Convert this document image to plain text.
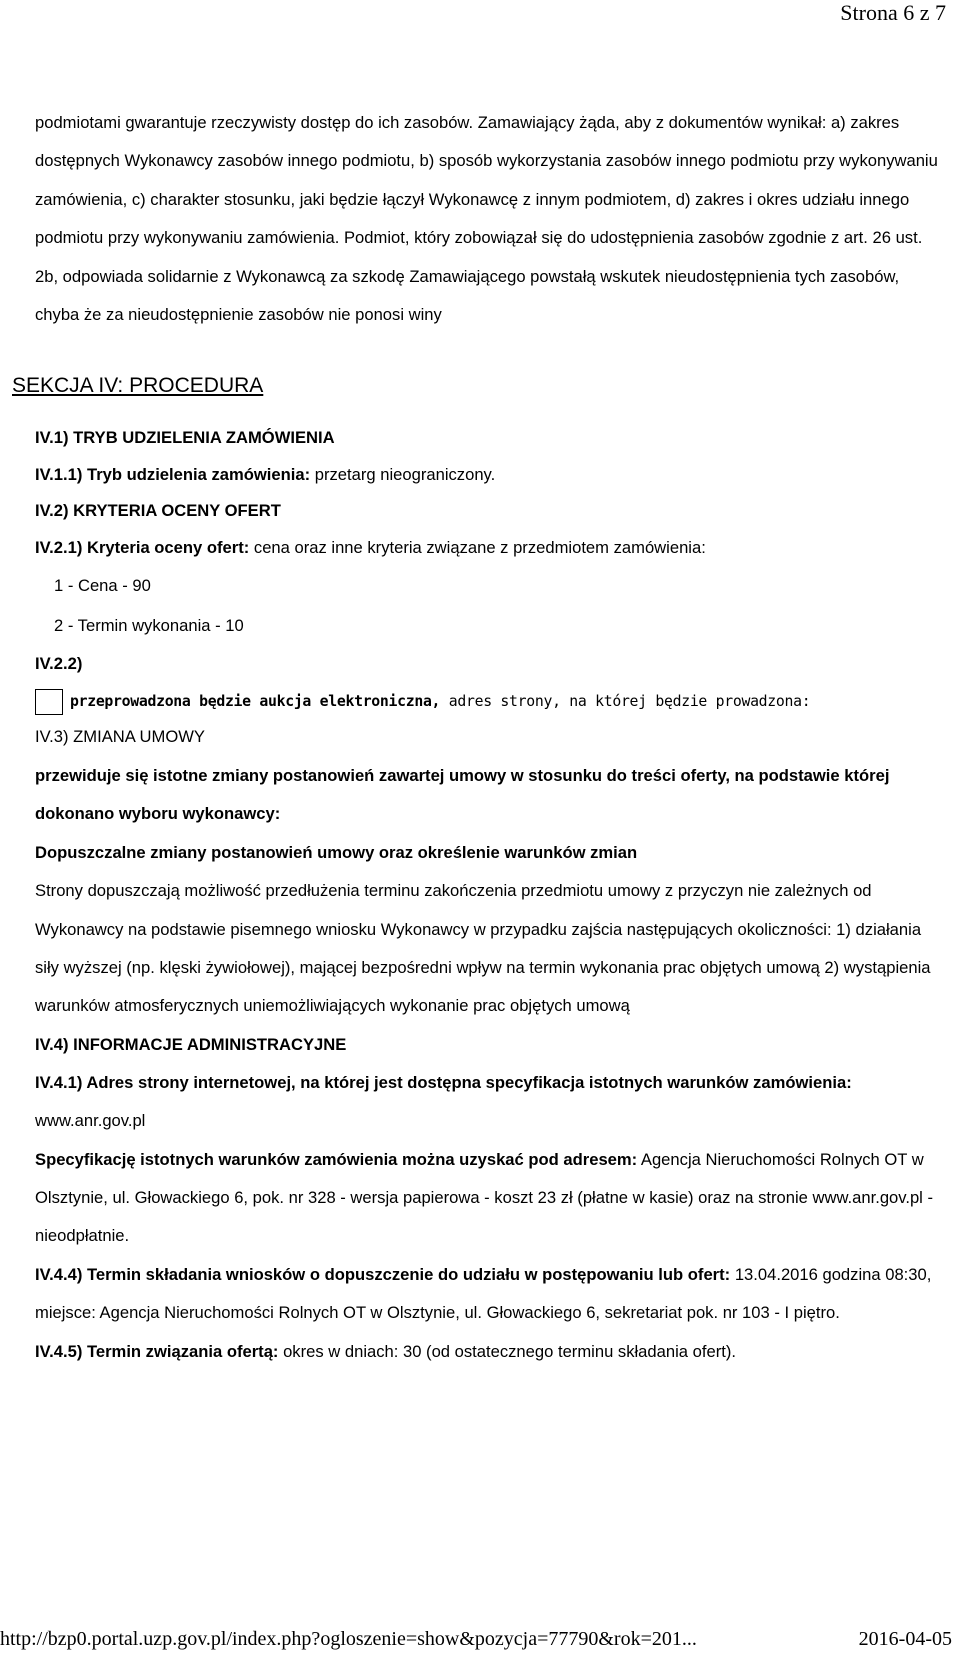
Strona 6 z 7

podmiotami gwarantuje rzeczywisty dostęp do ich zasobów. Zamawiający żąda, aby z dokumentów wynikał: a) zakres dostępnych Wykonawcy zasobów innego podmiotu, b) sposób wykorzystania zasobów innego podmiotu przy wykonywaniu zamówienia, c) charakter stosunku, jaki będzie łączył Wykonawcę z innym podmiotem, d) zakres i okres udziału innego podmiotu przy wykonywaniu zamówienia. Podmiot, który zobowiązał się do udostępnienia zasobów zgodnie z art. 26 ust. 2b, odpowiada solidarnie z Wykonawcą za szkodę Zamawiającego powstałą wskutek nieudostępnienia tych zasobów, chyba że za nieudostępnienie zasobów nie ponosi winy

SEKCJA IV: PROCEDURA

IV.1) TRYB UDZIELENIA ZAMÓWIENIA

IV.1.1) Tryb udzielenia zamówienia: przetarg nieograniczony.

IV.2) KRYTERIA OCENY OFERT

IV.2.1) Kryteria oceny ofert: cena oraz inne kryteria związane z przedmiotem zamówienia:

1 - Cena - 90

2 - Termin wykonania - 10

IV.2.2)

przeprowadzona będzie aukcja elektroniczna, adres strony, na której będzie prowadzona:

IV.3) ZMIANA UMOWY

przewiduje się istotne zmiany postanowień zawartej umowy w stosunku do treści oferty, na podstawie której dokonano wyboru wykonawcy:

Dopuszczalne zmiany postanowień umowy oraz określenie warunków zmian

Strony dopuszczają możliwość przedłużenia terminu zakończenia przedmiotu umowy z przyczyn nie zależnych od Wykonawcy na podstawie pisemnego wniosku Wykonawcy w przypadku zajścia następujących okoliczności: 1) działania siły wyższej (np. klęski żywiołowej), mającej bezpośredni wpływ na termin wykonania prac objętych umową 2) wystąpienia warunków atmosferycznych uniemożliwiających wykonanie prac objętych umową

IV.4) INFORMACJE ADMINISTRACYJNE

IV.4.1) Adres strony internetowej, na której jest dostępna specyfikacja istotnych warunków zamówienia: www.anr.gov.pl

Specyfikację istotnych warunków zamówienia można uzyskać pod adresem: Agencja Nieruchomości Rolnych OT w Olsztynie, ul. Głowackiego 6, pok. nr 328 - wersja papierowa - koszt 23 zł (płatne w kasie) oraz na stronie www.anr.gov.pl - nieodpłatnie.

IV.4.4) Termin składania wniosków o dopuszczenie do udziału w postępowaniu lub ofert: 13.04.2016 godzina 08:30, miejsce: Agencja Nieruchomości Rolnych OT w Olsztynie, ul. Głowackiego 6, sekretariat pok. nr 103 - I piętro.

IV.4.5) Termin związania ofertą: okres w dniach: 30 (od ostatecznego terminu składania ofert).

http://bzp0.portal.uzp.gov.pl/index.php?ogloszenie=show&pozycja=77790&rok=201...	2016-04-05
